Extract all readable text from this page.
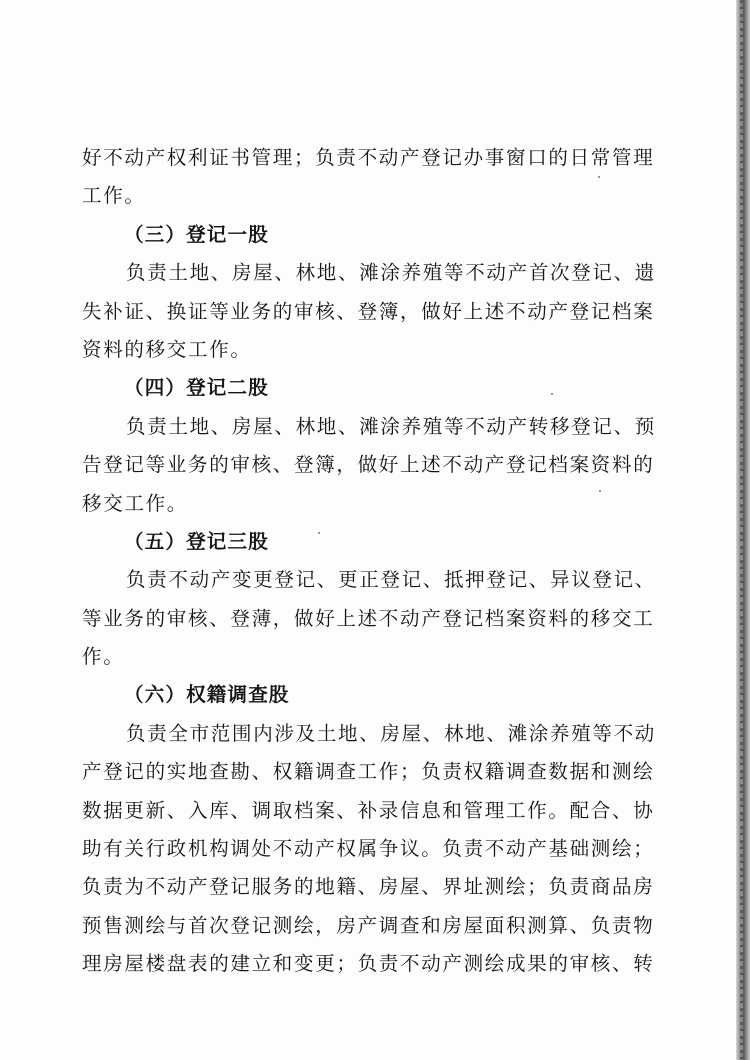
好不动产权利证书管理；负责不动产登记办事窗口的日常管理
工作。
（三）登记一股
负责土地、房屋、林地、滩涂养殖等不动产首次登记、遗
失补证、换证等业务的审核、登簿，做好上述不动产登记档案
资料的移交工作。
（四）登记二股
负责土地、房屋、林地、滩涂养殖等不动产转移登记、预
告登记等业务的审核、登簿，做好上述不动产登记档案资料的
移交工作。
（五）登记三股
负责不动产变更登记、更正登记、抵押登记、异议登记、
等业务的审核、登薄，做好上述不动产登记档案资料的移交工
作。
（六）权籍调查股
负责全市范围内涉及土地、房屋、林地、滩涂养殖等不动
产登记的实地查勘、权籍调查工作；负责权籍调查数据和测绘
数据更新、入库、调取档案、补录信息和管理工作。配合、协
助有关行政机构调处不动产权属争议。负责不动产基础测绘；
负责为不动产登记服务的地籍、房屋、界址测绘；负责商品房
预售测绘与首次登记测绘，房产调查和房屋面积测算、负责物
理房屋楼盘表的建立和变更；负责不动产测绘成果的审核、转
